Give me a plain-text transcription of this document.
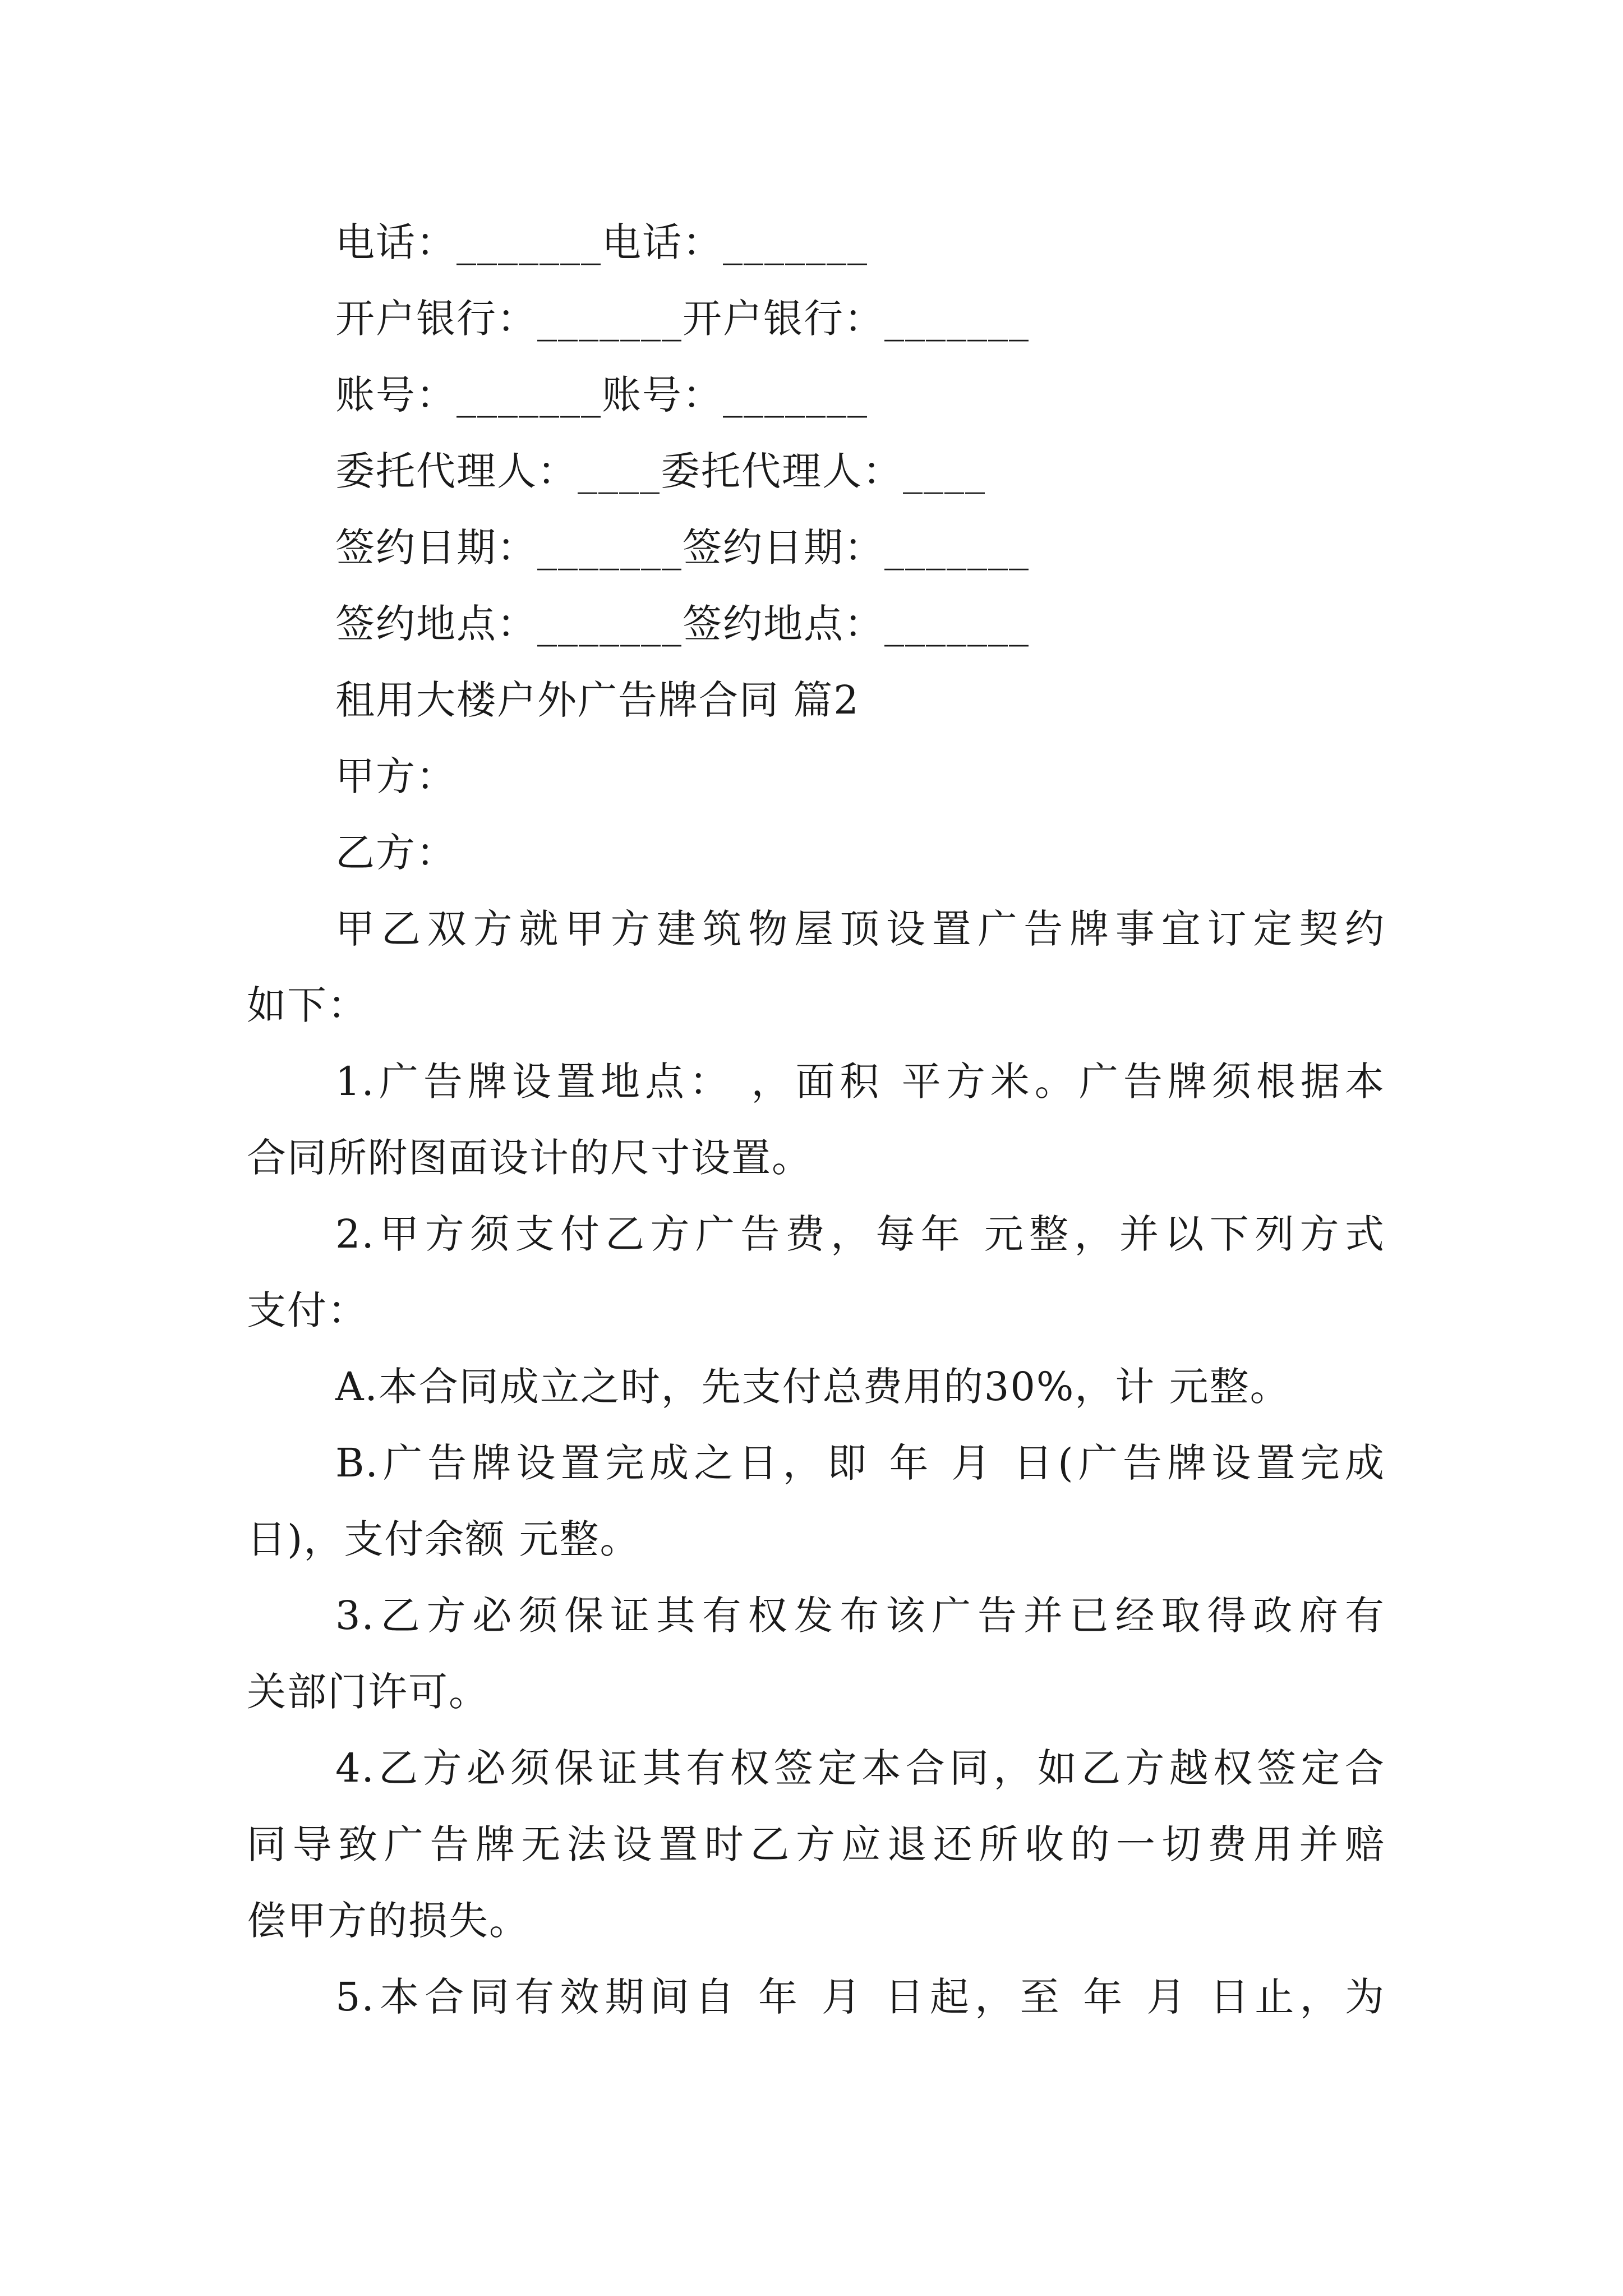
电话：_______电话：_______
开户银行：_______开户银行：_______
账号：_______账号：_______
委托代理人：____委托代理人：____
签约日期：_______签约日期：_______
签约地点：_______签约地点：_______
租用大楼户外广告牌合同 篇2
甲方：
乙方：
甲乙双方就甲方建筑物屋顶设置广告牌事宜订定契约
如下：
1.广告牌设置地点： ，面积 平方米。广告牌须根据本
合同所附图面设计的尺寸设置。
2.甲方须支付乙方广告费，每年 元整，并以下列方式
支付：
A.本合同成立之时，先支付总费用的30%，计 元整。
B.广告牌设置完成之日，即 年 月 日(广告牌设置完成
日)，支付余额 元整。
3.乙方必须保证其有权发布该广告并已经取得政府有
关部门许可。
4.乙方必须保证其有权签定本合同，如乙方越权签定合
同导致广告牌无法设置时乙方应退还所收的一切费用并赔
偿甲方的损失。
5.本合同有效期间自 年 月 日起，至 年 月 日止，为
